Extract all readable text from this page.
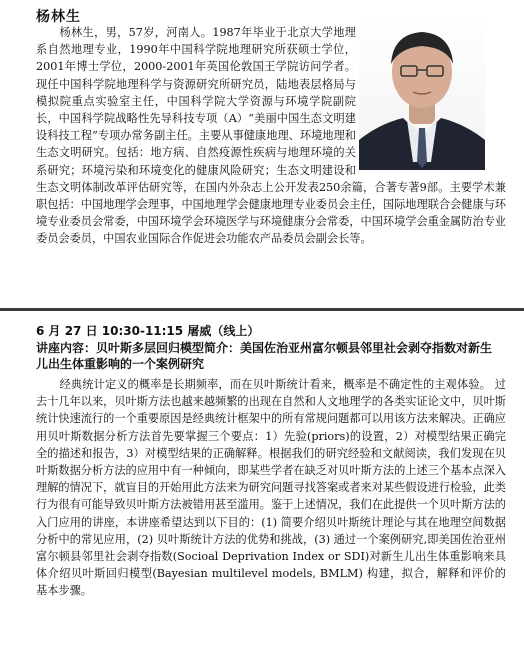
杨林生

杨林生，男，57岁，河南人。1987年毕业于北京大学地理系自然地理专业，1990年中国科学院地理研究所获硕士学位，2001年博士学位，2000-2001年英国伦敦国王学院访问学者。现任中国科学院地理科学与资源研究所研究员，陆地表层格局与模拟院重点实验室主任，中国科学院大学资源与环境学院副院长，中国科学院战略性先导科技专项（A）“美丽中国生态文明建设科技工程”专项办常务副主任。主要从事健康地理、环境地理和生态文明研究。包括：地方病、自然疫源性疾病与地理环境的关系研究；环境污染和环境变化的健康风险研究；生态文明建设和生态文明体制改革评估研究等，在国内外杂志上公开发表250余篇，合著专著9部。主要学术兼职包括：中国地理学会理事，中国地理学会健康地理专业委员会主任，国际地理联合会健康与环境专业委员会常委，中国环境学会环境医学与环境健康分会常委，中国环境学会重金属防治专业委员会委员，中国农业国际合作促进会功能农产品委员会副会长等。

6 月 27 日 10:30-11:15 屠威（线上）
讲座内容：贝叶斯多层回归模型简介：美国佐治亚州富尔顿县邻里社会剥夺指数对新生儿出生体重影响的一个案例研究

经典统计定义的概率是长期频率，而在贝叶斯统计看来，概率是不确定性的主观体验。 过去十几年以来，贝叶斯方法也越来越频繁的出现在自然和人文地理学的各类实证论文中，贝叶斯统计快速流行的一个重要原因是经典统计框架中的所有常规问题都可以用该方法来解决。正确应用贝叶斯数据分析方法首先要掌握三个要点：1）先验(priors)的设置，2）对模型结果正确完全的描述和报告，3）对模型结果的正确解释。根据我们的研究经验和文献阅读，我们发现在贝叶斯数据分析方法的应用中有一种倾向，即某些学者在缺乏对贝叶斯方法的上述三个基本点深入理解的情况下，就盲目的开始用此方法来为研究问题寻找答案或者来对某些假设进行检验，此类行为很有可能导致贝叶斯方法被错用甚至滥用。鉴于上述情况，我们在此提供一个贝叶斯方法的入门应用的讲座，本讲座希望达到以下目的：(1) 简要介绍贝叶斯统计理论与其在地理空间数据分析中的常见应用，(2) 贝叶斯统计方法的优势和挑战，(3) 通过一个案例研究,即美国佐治亚州富尔顿县邻里社会剥夺指数(Socioal Deprivation Index or SDI)对新生儿出生体重影响来具体介绍贝叶斯回归模型(Bayesian multilevel models, BMLM) 构建，拟合，解释和评价的基本步骤。
